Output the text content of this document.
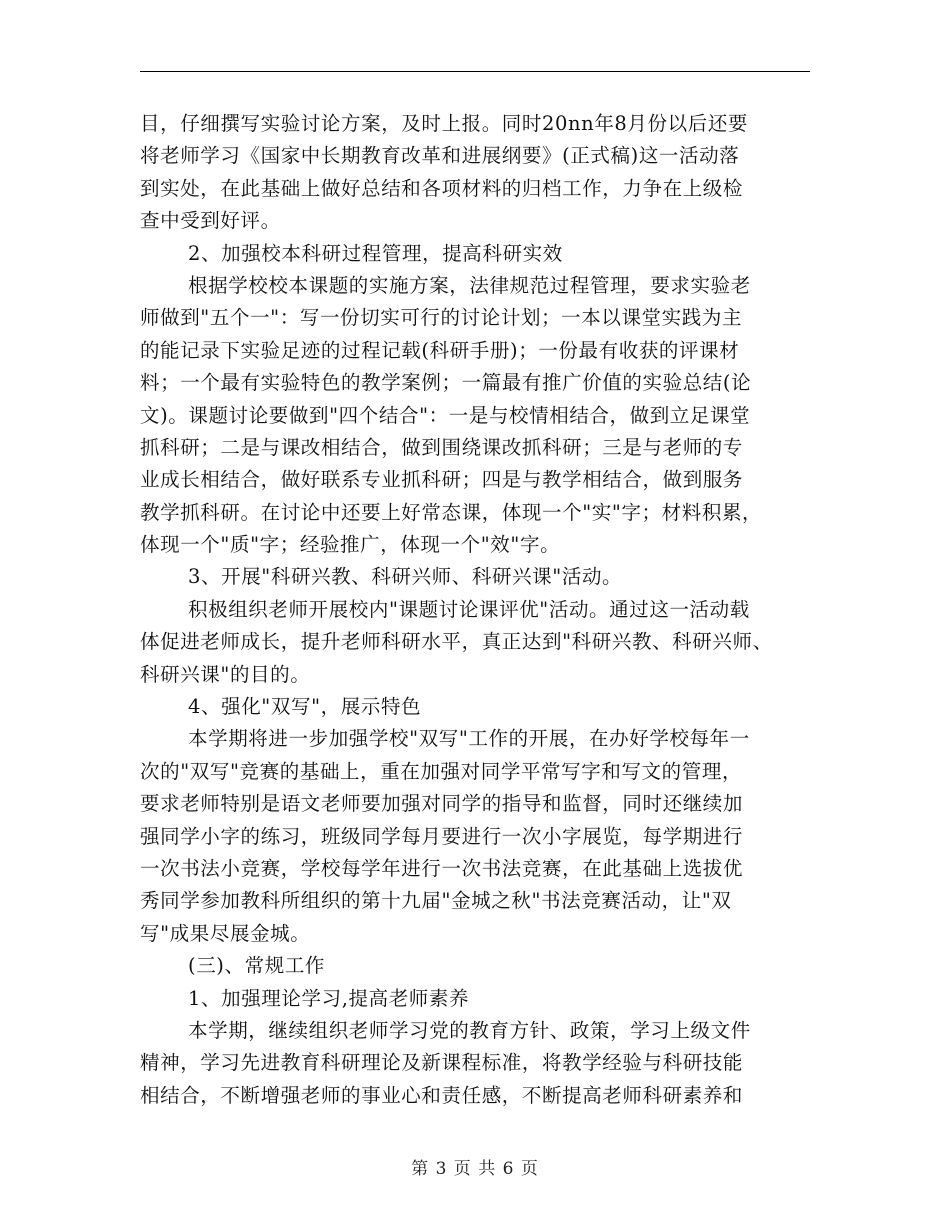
目，仔细撰写实验讨论方案，及时上报。同时20nn年8月份以后还要
将老师学习《国家中长期教育改革和进展纲要》(正式稿)这一活动落
到实处，在此基础上做好总结和各项材料的归档工作，力争在上级检
查中受到好评。
2、加强校本科研过程管理，提高科研实效
根据学校校本课题的实施方案，法律规范过程管理，要求实验老
师做到"五个一"：写一份切实可行的讨论计划；一本以课堂实践为主
的能记录下实验足迹的过程记载(科研手册)；一份最有收获的评课材
料；一个最有实验特色的教学案例；一篇最有推广价值的实验总结(论
文)。课题讨论要做到"四个结合"：一是与校情相结合，做到立足课堂
抓科研；二是与课改相结合，做到围绕课改抓科研；三是与老师的专
业成长相结合，做好联系专业抓科研；四是与教学相结合，做到服务
教学抓科研。在讨论中还要上好常态课，体现一个"实"字；材料积累，
体现一个"质"字；经验推广，体现一个"效"字。
3、开展"科研兴教、科研兴师、科研兴课"活动。
积极组织老师开展校内"课题讨论课评优"活动。通过这一活动载
体促进老师成长，提升老师科研水平，真正达到"科研兴教、科研兴师、
科研兴课"的目的。
4、强化"双写"，展示特色
本学期将进一步加强学校"双写"工作的开展，在办好学校每年一
次的"双写"竞赛的基础上，重在加强对同学平常写字和写文的管理，
要求老师特别是语文老师要加强对同学的指导和监督，同时还继续加
强同学小字的练习，班级同学每月要进行一次小字展览，每学期进行
一次书法小竞赛，学校每学年进行一次书法竞赛，在此基础上选拔优
秀同学参加教科所组织的第十九届"金城之秋"书法竞赛活动，让"双
写"成果尽展金城。
(三)、常规工作
1、加强理论学习,提高老师素养
本学期，继续组织老师学习党的教育方针、政策，学习上级文件
精神，学习先进教育科研理论及新课程标准，将教学经验与科研技能
相结合，不断增强老师的事业心和责任感，不断提高老师科研素养和
第 3 页 共 6 页
